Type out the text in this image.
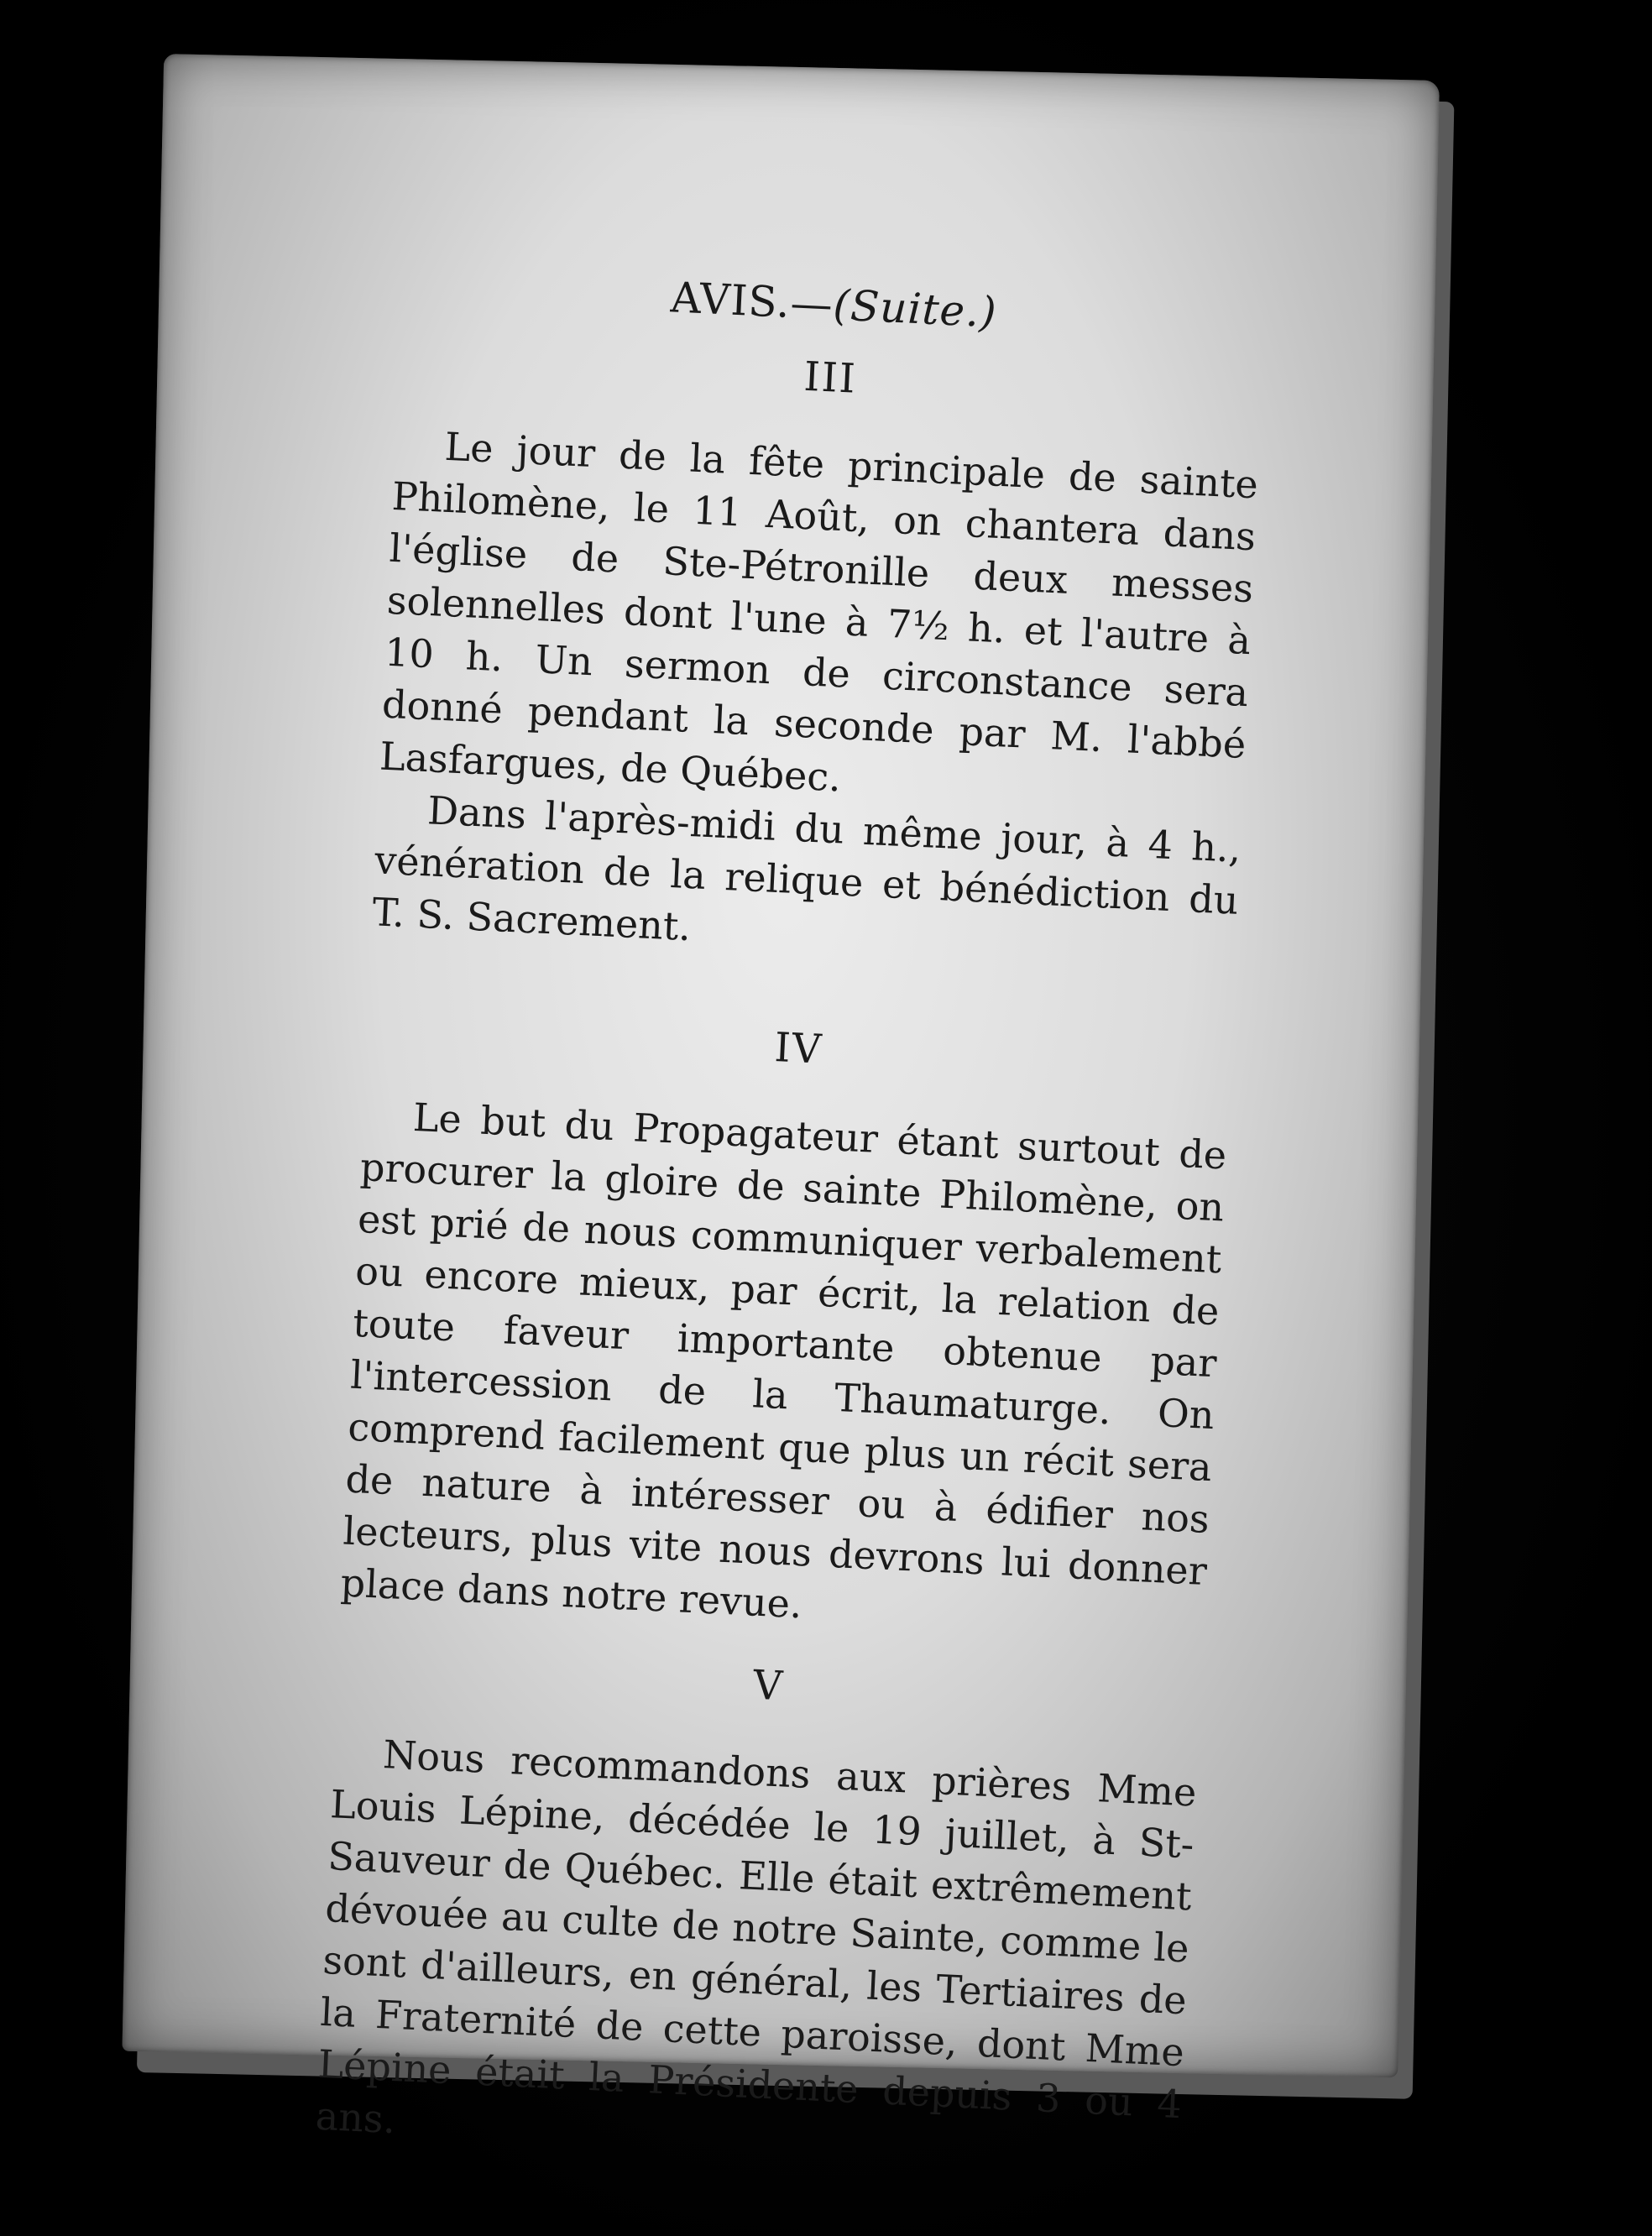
AVIS.—(Suite.)
III

Le jour de la fête principale de sainte Philomène, le 11 Août, on chantera dans l'église de Ste-Pétronille deux messes solennelles dont l'une à 7½ h. et l'autre à 10 h. Un sermon de circonstance sera donné pendant la seconde par M. l'abbé Lasfargues, de Québec.

Dans l'après-midi du même jour, à 4 h., vénération de la relique et bénédiction du T. S. Sacrement.

IV

Le but du Propagateur étant surtout de procurer la gloire de sainte Philomène, on est prié de nous communiquer verbalement ou encore mieux, par écrit, la relation de toute faveur importante obtenue par l'intercession de la Thaumaturge. On comprend facilement que plus un récit sera de nature à intéresser ou à édifier nos lecteurs, plus vite nous devrons lui donner place dans notre revue.

V

Nous recommandons aux prières Mme Louis Lépine, décédée le 19 juillet, à St-Sauveur de Québec. Elle était extrêmement dévouée au culte de notre Sainte, comme le sont d'ailleurs, en général, les Tertiaires de la Fraternité de cette paroisse, dont Mme Lépine était la Présidente depuis 3 ou 4 ans.
